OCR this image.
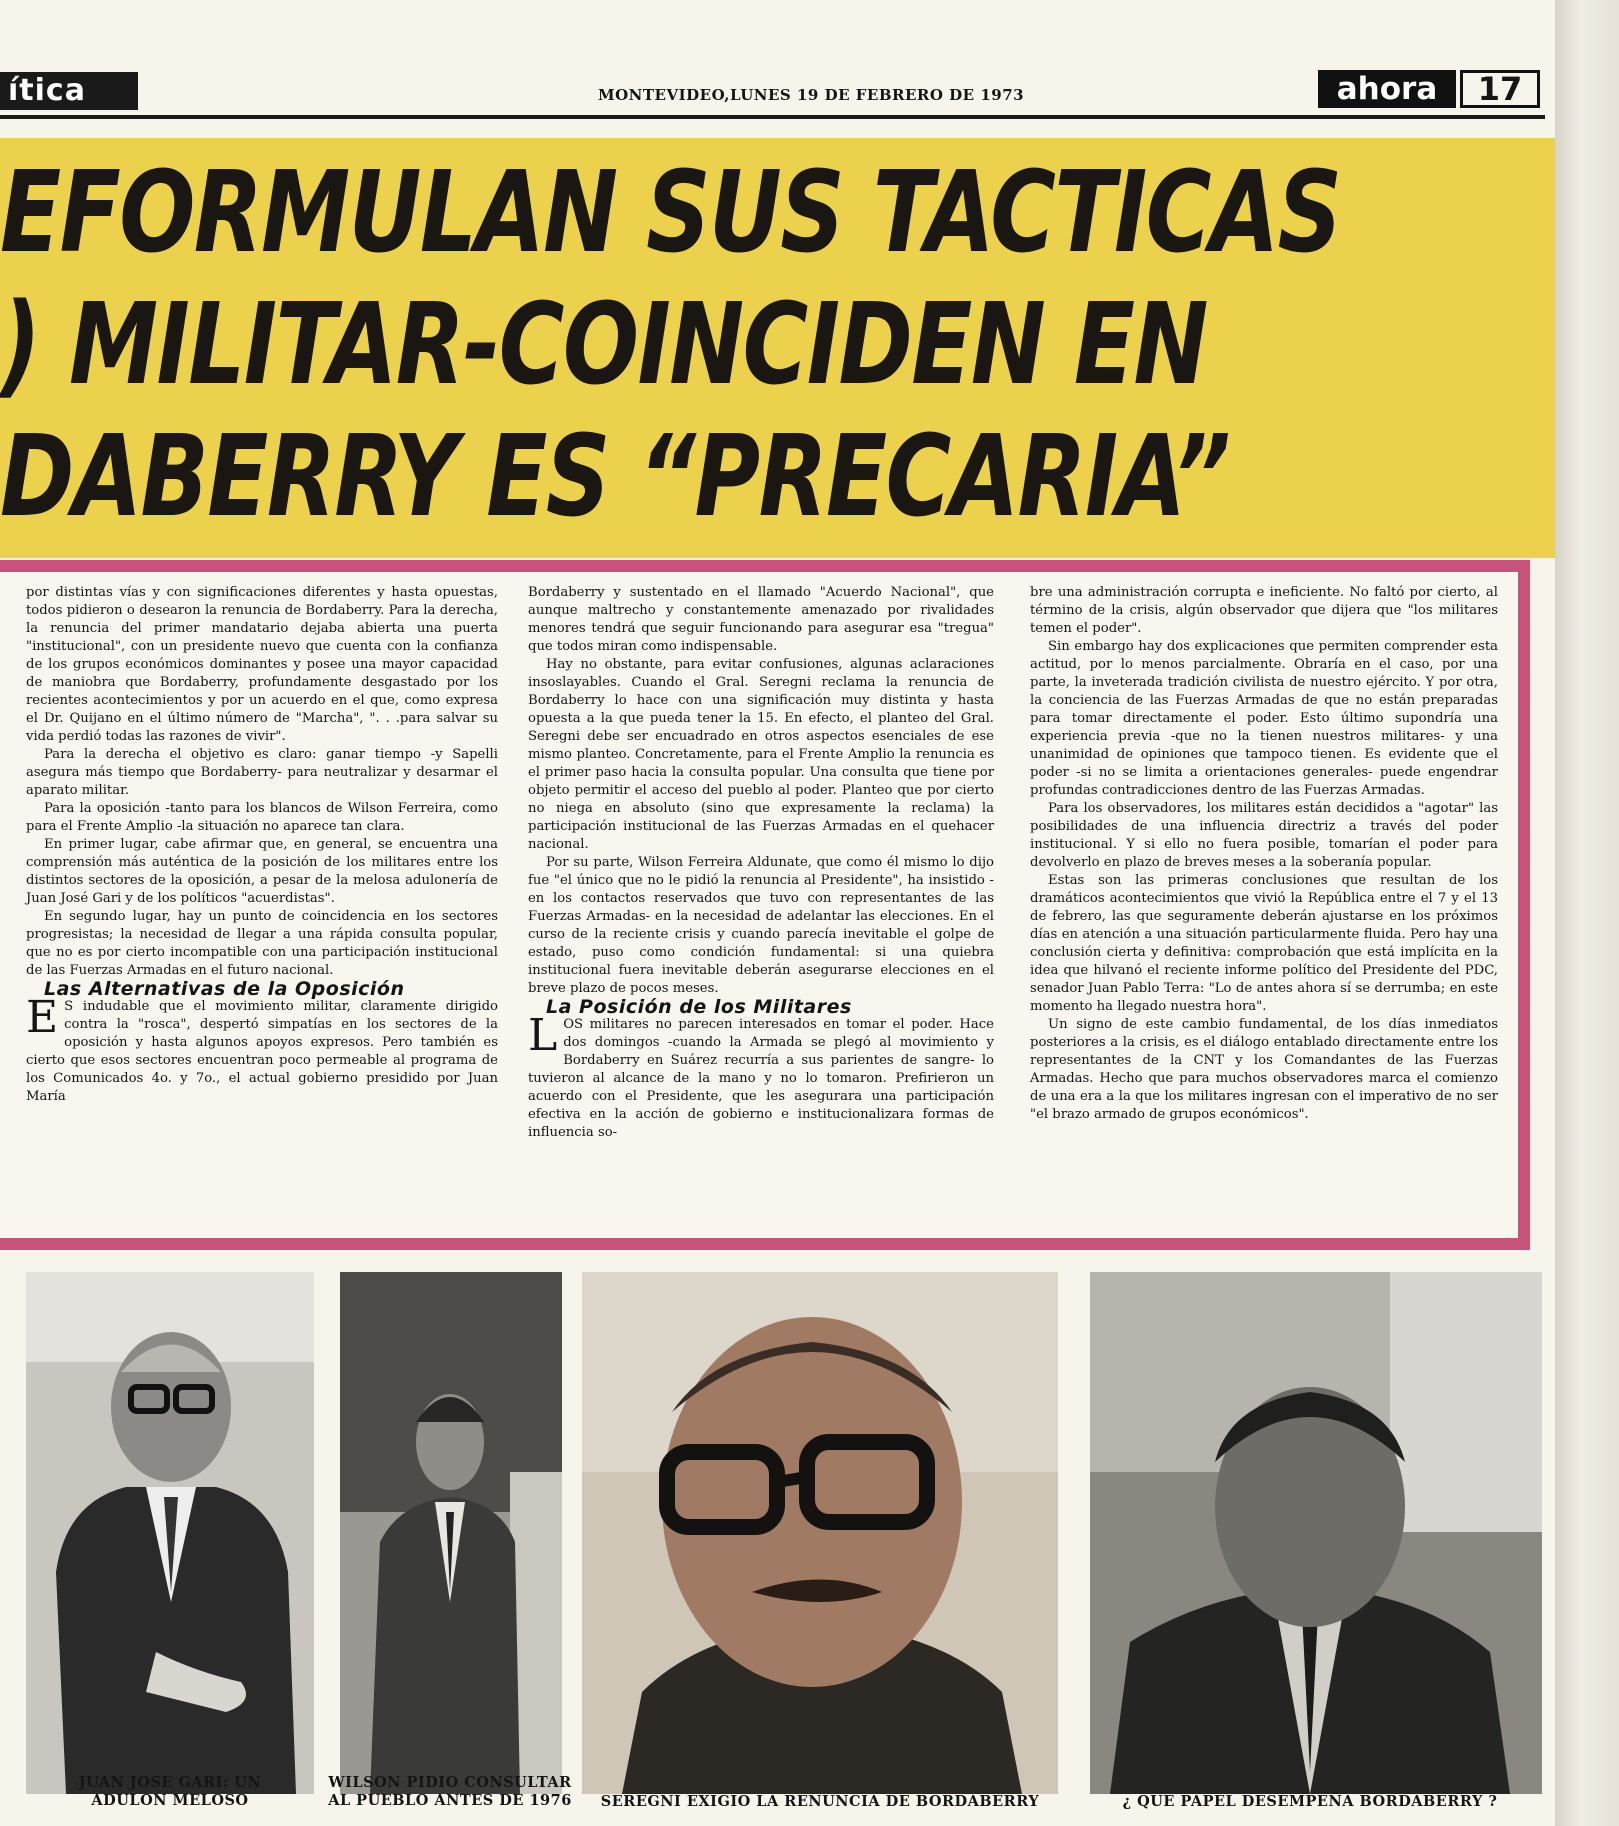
ítica	MONTEVIDEO,LUNES 19 DE FEBRERO DE 1973	ahora	17
EFORMULAN SUS TACTICAS
) MILITAR-COINCIDEN EN
DABERRY ES “PRECARIA”

por distintas vías y con significaciones diferentes y hasta opuestas, todos pidieron o desearon la renuncia de Bordaberry. Para la derecha, la renuncia del primer mandatario dejaba abierta una puerta "institucional", con un presidente nuevo que cuenta con la confianza de los grupos económicos dominantes y posee una mayor capacidad de maniobra que Bordaberry, profundamente desgastado por los recientes acontecimientos y por un acuerdo en el que, como expresa el Dr. Quijano en el último número de "Marcha", ". . .para salvar su vida perdió todas las razones de vivir".

Para la derecha el objetivo es claro: ganar tiempo -y Sapelli asegura más tiempo que Bordaberry- para neutralizar y desarmar el aparato militar.

Para la oposición -tanto para los blancos de Wilson Ferreira, como para el Frente Amplio -la situación no aparece tan clara.

En primer lugar, cabe afirmar que, en general, se encuentra una comprensión más auténtica de la posición de los militares entre los distintos sectores de la oposición, a pesar de la melosa adulonería de Juan José Gari y de los políticos "acuerdistas".

En segundo lugar, hay un punto de coincidencia en los sectores progresistas; la necesidad de llegar a una rápida consulta popular, que no es por cierto incompatible con una participación institucional de las Fuerzas Armadas en el futuro nacional.

Las Alternativas de la Oposición

E S indudable que el movimiento militar, claramente dirigido contra la "rosca", despertó simpatías en los sectores de la oposición y hasta algunos apoyos expresos. Pero también es cierto que esos sectores encuentran poco permeable al programa de los Comunicados 4o. y 7o., el actual gobierno presidido por Juan María

Bordaberry y sustentado en el llamado "Acuerdo Nacional", que aunque maltrecho y constantemente amenazado por rivalidades menores tendrá que seguir funcionando para asegurar esa "tregua" que todos miran como indispensable.

Hay no obstante, para evitar confusiones, algunas aclaraciones insoslayables. Cuando el Gral. Seregni reclama la renuncia de Bordaberry lo hace con una significación muy distinta y hasta opuesta a la que pueda tener la 15. En efecto, el planteo del Gral. Seregni debe ser encuadrado en otros aspectos esenciales de ese mismo planteo. Concretamente, para el Frente Amplio la renuncia es el primer paso hacia la consulta popular. Una consulta que tiene por objeto permitir el acceso del pueblo al poder. Planteo que por cierto no niega en absoluto (sino que expresamente la reclama) la participación institucional de las Fuerzas Armadas en el quehacer nacional.

Por su parte, Wilson Ferreira Aldunate, que como él mismo lo dijo fue "el único que no le pidió la renuncia al Presidente", ha insistido -en los contactos reservados que tuvo con representantes de las Fuerzas Armadas- en la necesidad de adelantar las elecciones. En el curso de la reciente crisis y cuando parecía inevitable el golpe de estado, puso como condición fundamental: si una quiebra institucional fuera inevitable deberán asegurarse elecciones en el breve plazo de pocos meses.

La Posición de los Militares

LOS militares no parecen interesados en tomar el poder. Hace dos domingos -cuando la Armada se plegó al movimiento y Bordaberry en Suárez recurría a sus parientes de sangre- lo tuvieron al alcance de la mano y no lo tomaron. Prefirieron un acuerdo con el Presidente, que les asegurara una participación efectiva en la acción de gobierno e institucionalizara formas de influencia so-

bre una administración corrupta e ineficiente. No faltó por cierto, al término de la crisis, algún observador que dijera que "los militares temen el poder".

Sin embargo hay dos explicaciones que permiten comprender esta actitud, por lo menos parcialmente. Obraría en el caso, por una parte, la inveterada tradición civilista de nuestro ejército. Y por otra, la conciencia de las Fuerzas Armadas de que no están preparadas para tomar directamente el poder. Esto último supondría una experiencia previa -que no la tienen nuestros militares- y una unanimidad de opiniones que tampoco tienen. Es evidente que el poder -si no se limita a orientaciones generales- puede engendrar profundas contradicciones dentro de las Fuerzas Armadas.

Para los observadores, los militares están decididos a "agotar" las posibilidades de una influencia directriz a través del poder institucional. Y si ello no fuera posible, tomarían el poder para devolverlo en plazo de breves meses a la soberanía popular.

Estas son las primeras conclusiones que resultan de los dramáticos acontecimientos que vivió la República entre el 7 y el 13 de febrero, las que seguramente deberán ajustarse en los próximos días en atención a una situación particularmente fluida. Pero hay una conclusión cierta y definitiva: comprobación que está implícita en la idea que hilvanó el reciente informe político del Presidente del PDC, senador Juan Pablo Terra: "Lo de antes ahora sí se derrumba; en este momento ha llegado nuestra hora".

Un signo de este cambio fundamental, de los días inmediatos posteriores a la crisis, es el diálogo entablado directamente entre los representantes de la CNT y los Comandantes de las Fuerzas Armadas. Hecho que para muchos observadores marca el comienzo de una era a la que los militares ingresan con el imperativo de no ser "el brazo armado de grupos económicos".

JUAN JOSE GARI: UN ADULON MELOSO
WILSON PIDIO CONSULTAR AL PUEBLO ANTES DE 1976	SEREGNI EXIGIO LA RENUNCIA DE BORDABERRY	¿ QUE PAPEL DESEMPEÑA BORDABERRY ?
